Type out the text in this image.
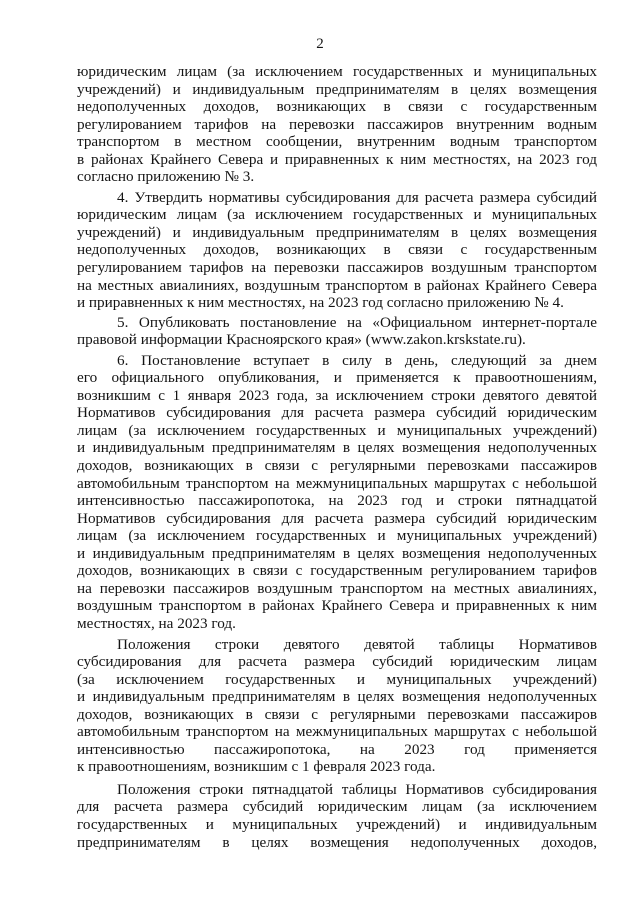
2

юридическим лицам (за исключением государственных и муниципальных
учреждений) и индивидуальным предпринимателям в целях возмещения
недополученных доходов, возникающих в связи с государственным
регулированием тарифов на перевозки пассажиров внутренним водным
транспортом в местном сообщении, внутренним водным транспортом
в районах Крайнего Севера и приравненных к ним местностях, на 2023 год
согласно приложению № 3.

4. Утвердить нормативы субсидирования для расчета размера субсидий
юридическим лицам (за исключением государственных и муниципальных
учреждений) и индивидуальным предпринимателям в целях возмещения
недополученных доходов, возникающих в связи с государственным
регулированием тарифов на перевозки пассажиров воздушным транспортом
на местных авиалиниях, воздушным транспортом в районах Крайнего Севера
и приравненных к ним местностях, на 2023 год согласно приложению № 4.

5. Опубликовать постановление на «Официальном интернет-портале
правовой информации Красноярского края» (www.zakon.krskstate.ru).

6. Постановление вступает в силу в день, следующий за днем
его официального опубликования, и применяется к правоотношениям,
возникшим с 1 января 2023 года, за исключением строки девятого девятой
Нормативов субсидирования для расчета размера субсидий юридическим
лицам (за исключением государственных и муниципальных учреждений)
и индивидуальным предпринимателям в целях возмещения недополученных
доходов, возникающих в связи с регулярными перевозками пассажиров
автомобильным транспортом на межмуниципальных маршрутах с небольшой
интенсивностью пассажиропотока, на 2023 год и строки пятнадцатой
Нормативов субсидирования для расчета размера субсидий юридическим
лицам (за исключением государственных и муниципальных учреждений)
и индивидуальным предпринимателям в целях возмещения недополученных
доходов, возникающих в связи с государственным регулированием тарифов
на перевозки пассажиров воздушным транспортом на местных авиалиниях,
воздушным транспортом в районах Крайнего Севера и приравненных к ним
местностях, на 2023 год.

Положения строки девятого девятой таблицы Нормативов
субсидирования для расчета размера субсидий юридическим лицам
(за исключением государственных и муниципальных учреждений)
и индивидуальным предпринимателям в целях возмещения недополученных
доходов, возникающих в связи с регулярными перевозками пассажиров
автомобильным транспортом на межмуниципальных маршрутах с небольшой
интенсивностью пассажиропотока, на 2023 год применяется
к правоотношениям, возникшим с 1 февраля 2023 года.

Положения строки пятнадцатой таблицы Нормативов субсидирования
для расчета размера субсидий юридическим лицам (за исключением
государственных и муниципальных учреждений) и индивидуальным
предпринимателям в целях возмещения недополученных доходов,
